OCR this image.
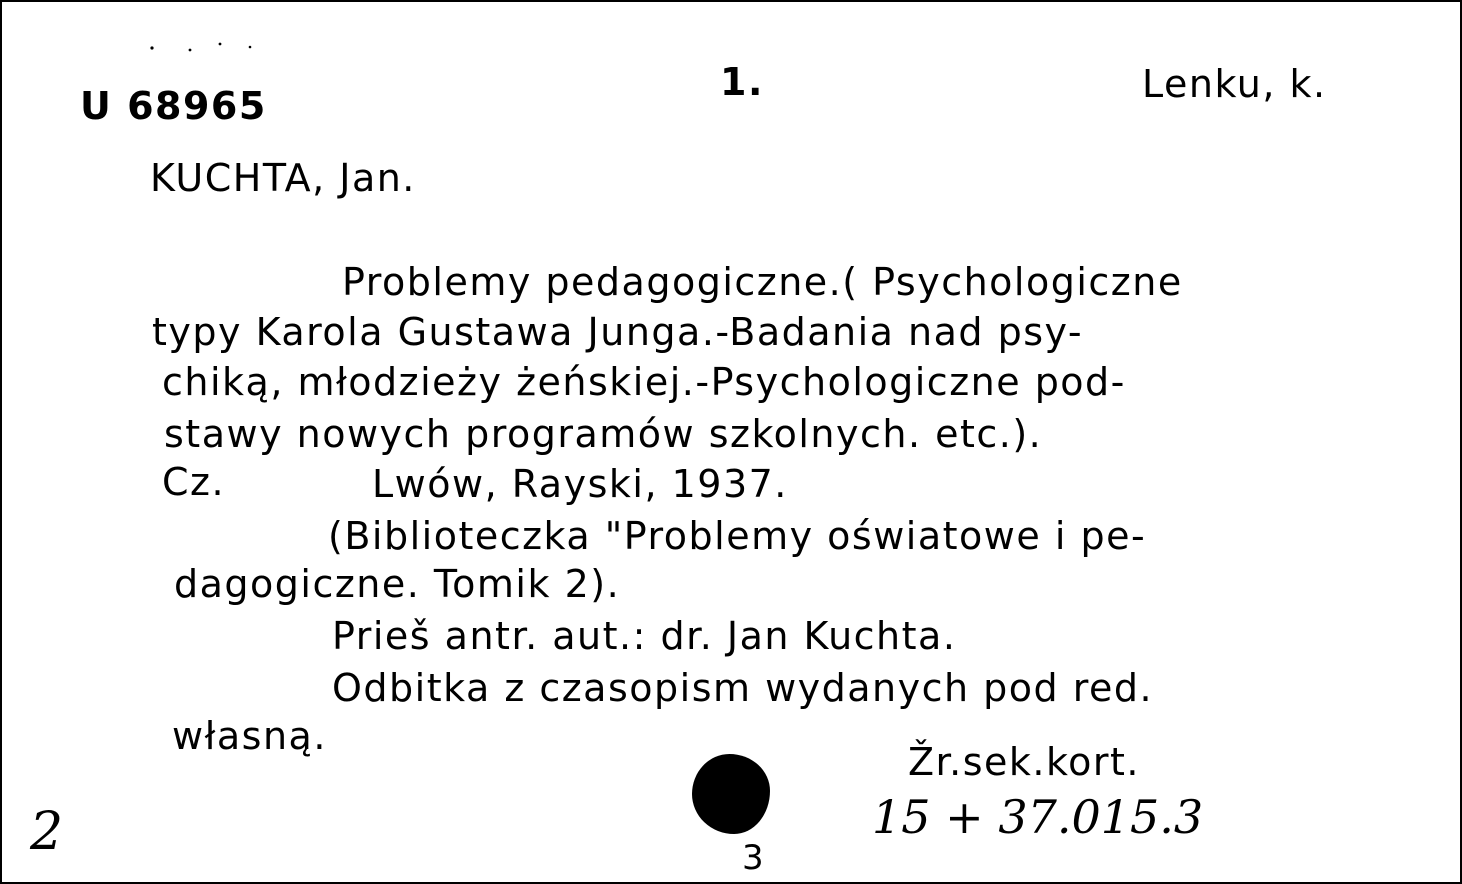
U 68965
1.	Lenku, k.
KUCHTA, Jan.
Problemy pedagogiczne.( Psychologiczne
typy Karola Gustawa Junga.-Badania nad psy-
chiką, młodzieży żeńskiej.-Psychologiczne pod-
stawy nowych programów szkolnych. etc.).
Cz.	Lwów, Rayski, 1937.
(Biblioteczka "Problemy oświatowe i pe-
dagogiczne. Tomik 2).
Prieš antr. aut.: dr. Jan Kuchta.
Odbitka z czasopism wydanych pod red.
własną.
Žr.sek.kort.
15 + 37.015.3
2	3
